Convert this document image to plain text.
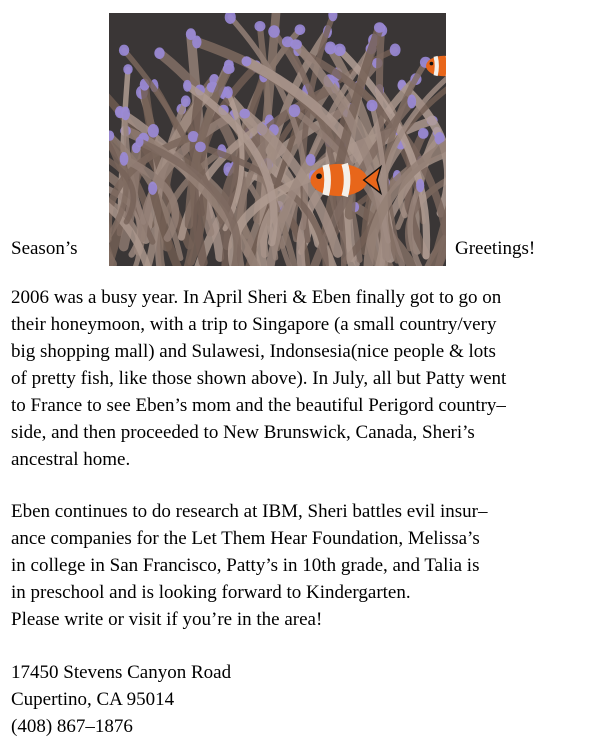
Season’s	Greetings!

2006 was a busy year. In April Sheri & Eben finally got to go on
their honeymoon, with a trip to Singapore (a small country/very
big shopping mall) and Sulawesi, Indonsesia(nice people & lots
of pretty fish, like those shown above). In July, all but Patty went
to France to see Eben’s mom and the beautiful Perigord country–
side, and then proceeded to New Brunswick, Canada, Sheri’s
ancestral home.

Eben continues to do research at IBM, Sheri battles evil insur–
ance companies for the Let Them Hear Foundation, Melissa’s
in college in San Francisco, Patty’s in 10th grade, and Talia is
in preschool and is looking forward to Kindergarten.
Please write or visit if you’re in the area!

17450 Stevens Canyon Road
Cupertino, CA 95014
(408) 867–1876
